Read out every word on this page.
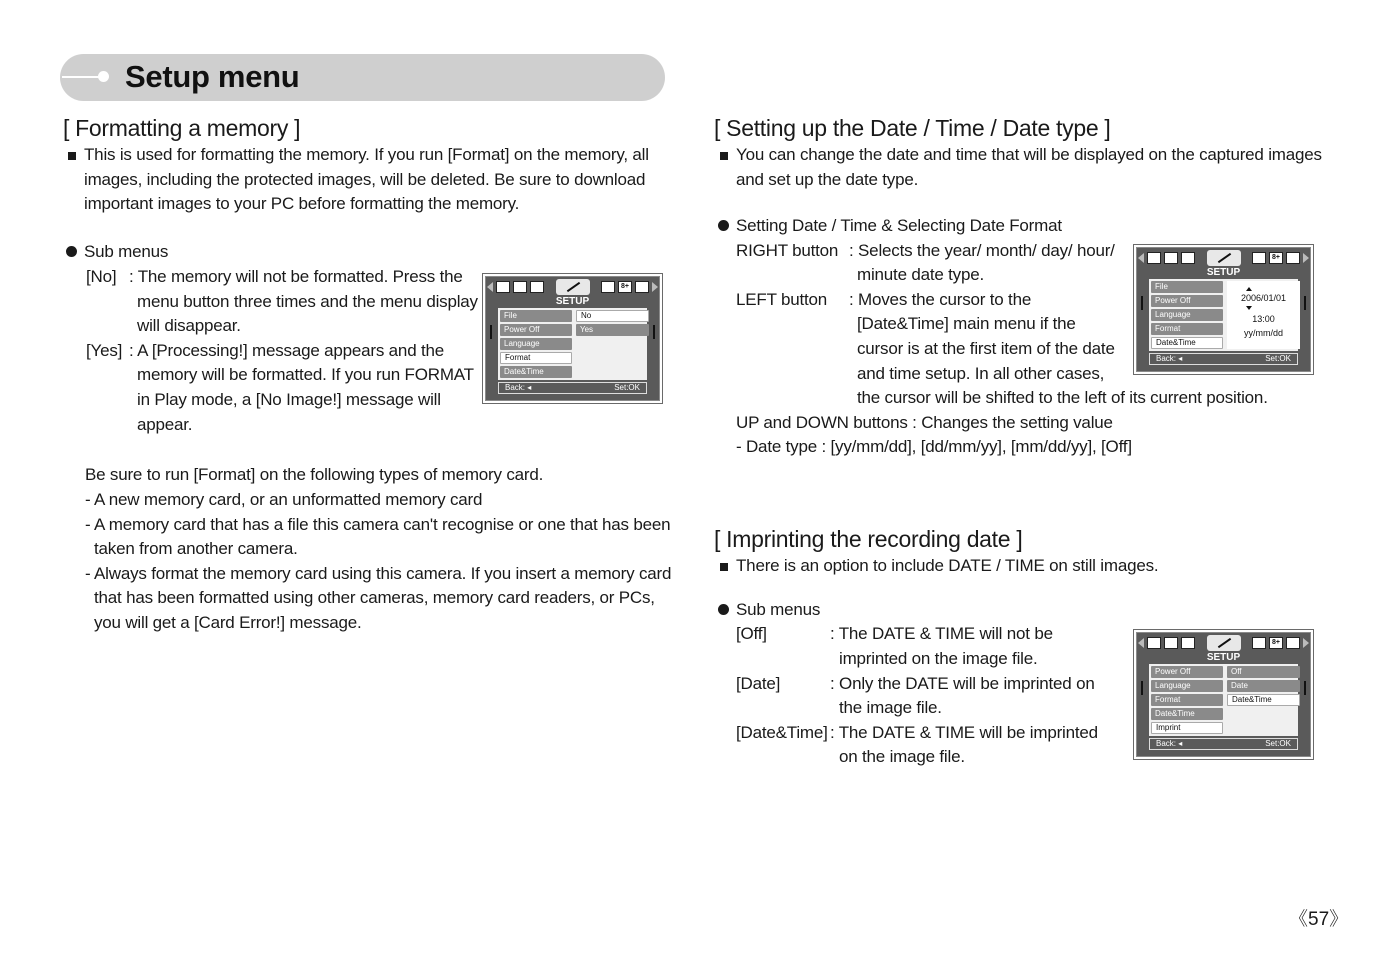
Setup menu
[ Formatting a memory ]
This is used for formatting the memory. If you run [Format] on the memory, all
images, including the protected images, will be deleted. Be sure to download
important images to your PC before formatting the memory.
Sub menus
[No] : The memory will not be formatted. Press the
menu button three times and the menu display
will disappear.
[Yes] : A [Processing!] message appears and the
memory will be formatted. If you run FORMAT
in Play mode, a [No Image!] message will
appear.
Be sure to run [Format] on the following types of memory card.
- A new memory card, or an unformatted memory card
- A memory card that has a file this camera can't recognise or one that has been
taken from another camera.
- Always format the memory card using this camera. If you insert a memory card
that has been formatted using other cameras, memory card readers, or PCs,
you will get a [Card Error!] message.
8+
SETUP
File
Power Off
Language
Format
Date&Time
No
Yes
Back: ◂	Set:OK
[ Setting up the Date / Time / Date type ]
You can change the date and time that will be displayed on the captured images
and set up the date type.
Setting Date / Time & Selecting Date Format
RIGHT button : Selects the year/ month/ day/ hour/
minute date type.
LEFT button : Moves the cursor to the
[Date&Time] main menu if the
cursor is at the first item of the date
and time setup. In all other cases,
the cursor will be shifted to the left of its current position.
UP and DOWN buttons : Changes the setting value
- Date type : [yy/mm/dd], [dd/mm/yy], [mm/dd/yy], [Off]
8+
SETUP
File
Power Off
Language
Format
Date&Time
2006/01/01
13:00
yy/mm/dd
Back: ◂	Set:OK
[ Imprinting the recording date ]
There is an option to include DATE / TIME on still images.
Sub menus
[Off]	: The DATE & TIME will not be
imprinted on the image file.
[Date]	: Only the DATE will be imprinted on
the image file.
[Date&Time] : The DATE & TIME will be imprinted
on the image file.
8+
SETUP
Power Off
Language
Format
Date&Time
Imprint
Off
Date
Date&Time
Back: ◂	Set:OK
《57》
